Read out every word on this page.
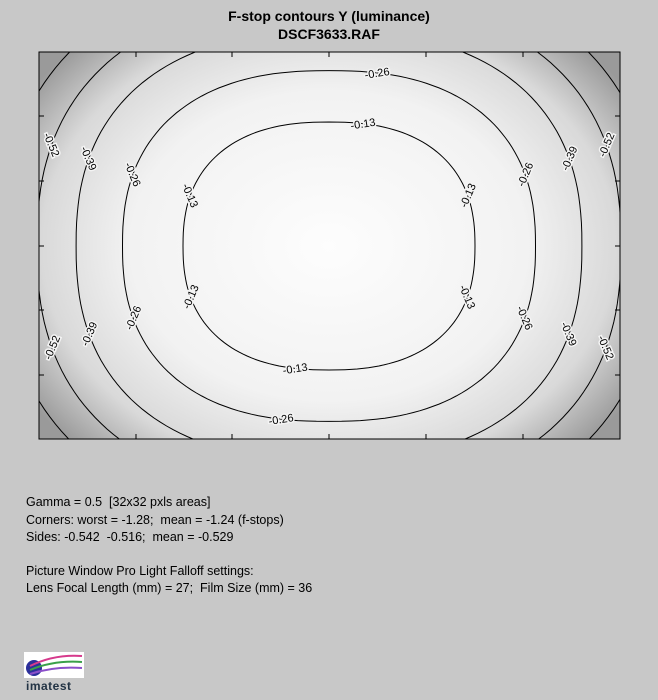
F-stop contours Y (luminance)
DSCF3633.RAF
-0.13
-0.13
-0.13	-0.13
-0.13
-0.13
-0.26
-0.26
-0.26	-0.26
-0.26
-0.26
-0.39
-0.39
-0.39	-0.39
-0.52
-0.52
-0.52	-0.52
Gamma = 0.5  [32x32 pxls areas]
Corners: worst = -1.28;  mean = -1.24 (f-stops)
Sides: -0.542  -0.516;  mean = -0.529
Picture Window Pro Light Falloff settings:
Lens Focal Length (mm) = 27;  Film Size (mm) = 36
imatest
